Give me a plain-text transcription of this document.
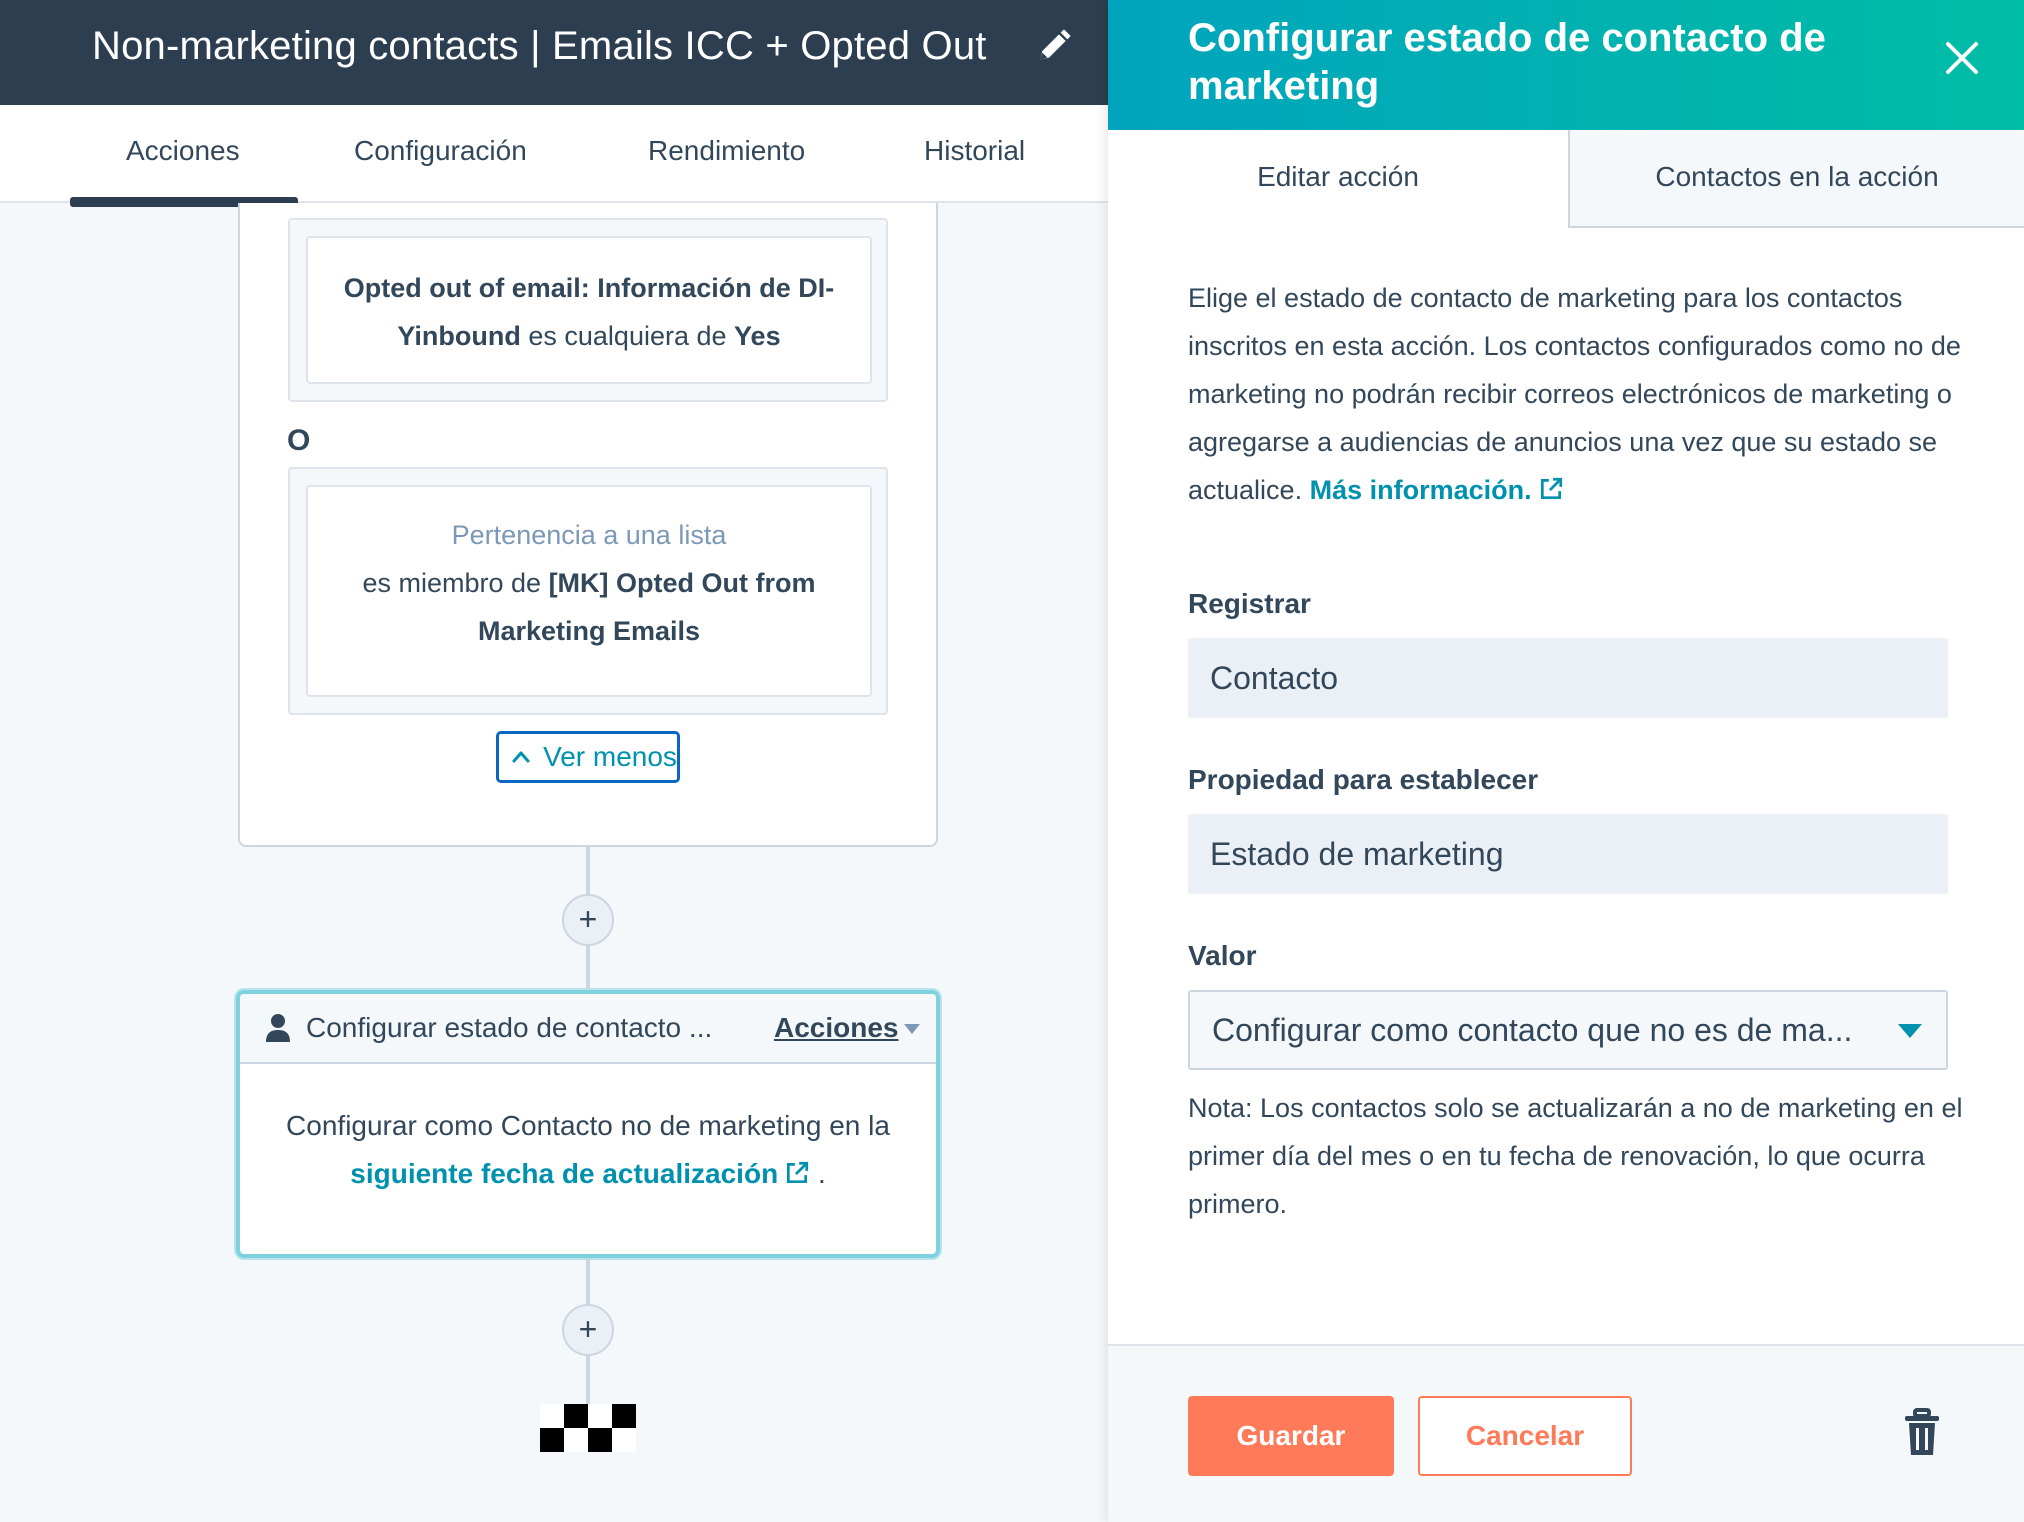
Non-marketing contacts | Emails ICC + Opted Out
Acciones	Configuración	Rendimiento	Historial
Opted out of email: Información de DI-Yinbound es cualquiera de Yes
O
Pertenencia a una lista
es miembro de [MK] Opted Out from Marketing Emails
Ver menos
+
Configurar estado de contacto ... Acciones
Configurar como Contacto no de marketing en la siguiente fecha de actualización .
+
Configurar estado de contacto de marketing
Editar acción	Contactos en la acción
Elige el estado de contacto de marketing para los contactos inscritos en esta acción. Los contactos configurados como no de marketing no podrán recibir correos electrónicos de marketing o agregarse a audiencias de anuncios una vez que su estado se actualice. Más información.
Registrar
Contacto
Propiedad para establecer
Estado de marketing
Valor
Configurar como contacto que no es de ma...
Nota: Los contactos solo se actualizarán a no de marketing en el primer día del mes o en tu fecha de renovación, lo que ocurra primero.
Guardar	Cancelar
